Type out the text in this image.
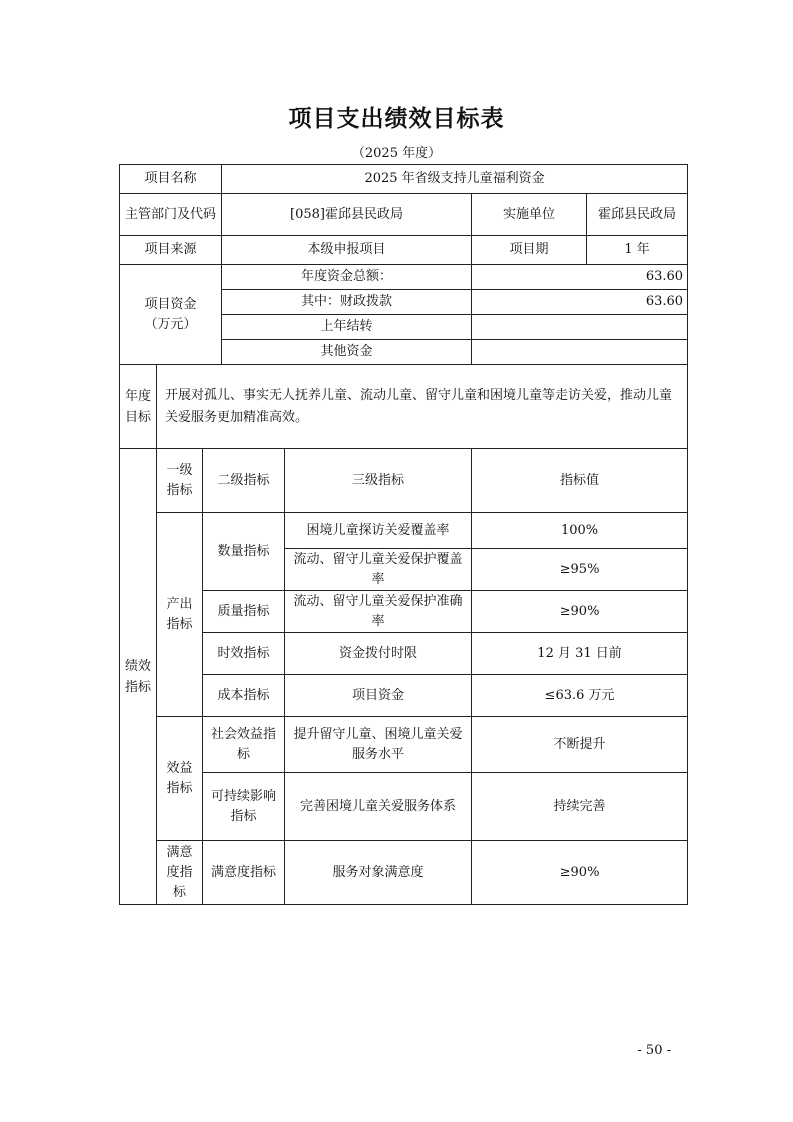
项目支出绩效目标表
（2025 年度）
项目名称			2025 年省级支持儿童福利资金			
主管部门及代码			[058]霍邱县民政局		实施单位	霍邱县民政局
项目来源			本级申报项目		项目期	1 年

项目资金
（万元）			年度资金总额：		63.60	
			其中：财政拨款		63.60	
			上年结转			
			其他资金			
年度目标	开展对孤儿、事实无人抚养儿童、流动儿童、留守儿童和困境儿童等走访关爱，推动儿童关爱服务更加精准高效。					
绩效指标	一级指标	二级指标		三级指标	指标值	
	产出指标	数量指标		困境儿童探访关爱覆盖率	100%	
				流动、留守儿童关爱保护覆盖率	≥95%	
		质量指标		流动、留守儿童关爱保护准确率	≥90%	
		时效指标		资金拨付时限	12 月 31 日前	
		成本指标		项目资金	≤63.6 万元	

	效益指标	社会效益指标		提升留守儿童、困境儿童关爱服务水平	不断提升	
		可持续影响指标		完善困境儿童关爱服务体系	持续完善	
	满意度指标	满意度指标		服务对象满意度	≥90%	
- 50 -
